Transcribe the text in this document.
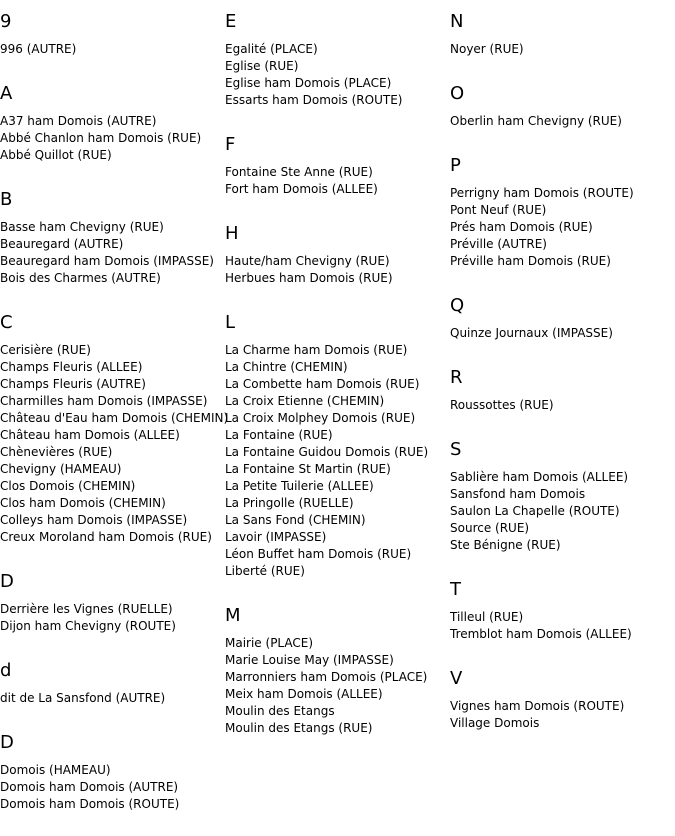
9
996 (AUTRE)
A
A37 ham Domois (AUTRE)
Abbé Chanlon ham Domois (RUE)
Abbé Quillot (RUE)
B
Basse ham Chevigny (RUE)
Beauregard (AUTRE)
Beauregard ham Domois (IMPASSE)
Bois des Charmes (AUTRE)
C
Cerisière (RUE)
Champs Fleuris (ALLEE)
Champs Fleuris (AUTRE)
Charmilles ham Domois (IMPASSE)
Château d'Eau ham Domois (CHEMIN)
Château ham Domois (ALLEE)
Chènevières (RUE)
Chevigny (HAMEAU)
Clos Domois (CHEMIN)
Clos ham Domois (CHEMIN)
Colleys ham Domois (IMPASSE)
Creux Moroland ham Domois (RUE)
D
Derrière les Vignes (RUELLE)
Dijon ham Chevigny (ROUTE)
d
dit de La Sansfond (AUTRE)
D
Domois (HAMEAU)
Domois ham Domois (AUTRE)
Domois ham Domois (ROUTE)
E
Egalité (PLACE)
Eglise (RUE)
Eglise ham Domois (PLACE)
Essarts ham Domois (ROUTE)
F
Fontaine Ste Anne (RUE)
Fort ham Domois (ALLEE)
H
Haute/ham Chevigny (RUE)
Herbues ham Domois (RUE)
L
La Charme ham Domois (RUE)
La Chintre (CHEMIN)
La Combette ham Domois (RUE)
La Croix Etienne (CHEMIN)
La Croix Molphey Domois (RUE)
La Fontaine (RUE)
La Fontaine Guidou Domois (RUE)
La Fontaine St Martin (RUE)
La Petite Tuilerie (ALLEE)
La Pringolle (RUELLE)
La Sans Fond (CHEMIN)
Lavoir (IMPASSE)
Léon Buffet ham Domois (RUE)
Liberté (RUE)
M
Mairie (PLACE)
Marie Louise May (IMPASSE)
Marronniers ham Domois (PLACE)
Meix ham Domois (ALLEE)
Moulin des Etangs
Moulin des Etangs (RUE)
N
Noyer (RUE)
O
Oberlin ham Chevigny (RUE)
P
Perrigny ham Domois (ROUTE)
Pont Neuf (RUE)
Prés ham Domois (RUE)
Préville (AUTRE)
Préville ham Domois (RUE)
Q
Quinze Journaux (IMPASSE)
R
Roussottes (RUE)
S
Sablière ham Domois (ALLEE)
Sansfond ham Domois
Saulon La Chapelle (ROUTE)
Source (RUE)
Ste Bénigne (RUE)
T
Tilleul (RUE)
Tremblot ham Domois (ALLEE)
V
Vignes ham Domois (ROUTE)
Village Domois
